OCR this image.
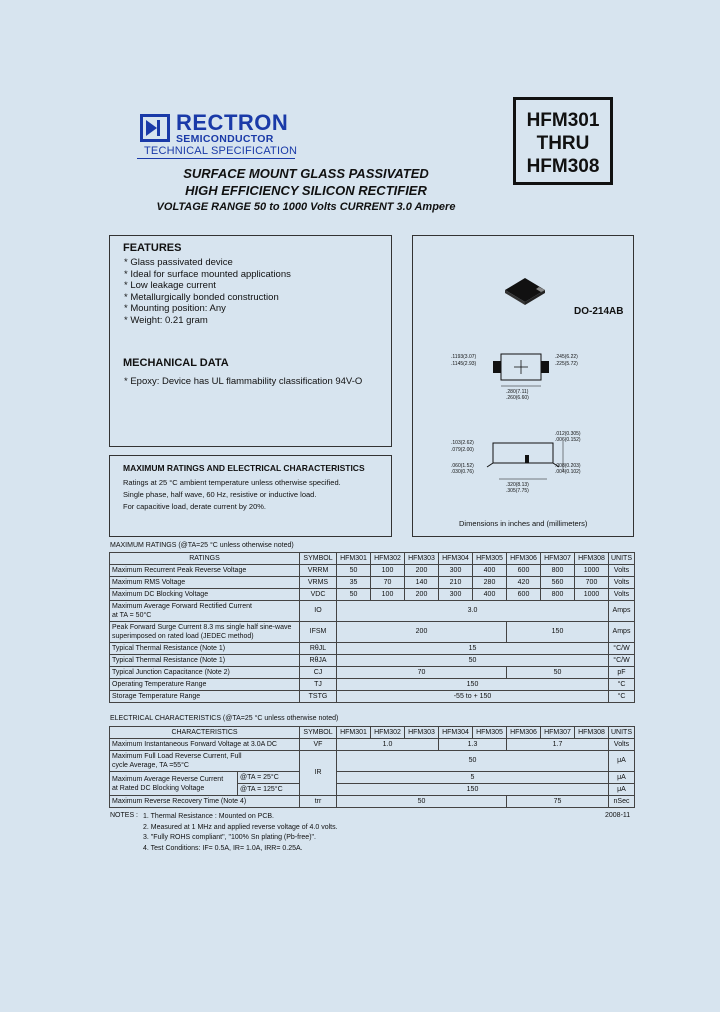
RECTRON
SEMICONDUCTOR
TECHNICAL SPECIFICATION
HFM301
THRU
HFM308
SURFACE MOUNT GLASS PASSIVATED
HIGH EFFICIENCY SILICON RECTIFIER
VOLTAGE RANGE 50 to 1000 Volts CURRENT 3.0 Ampere
FEATURES
* Glass passivated device
* Ideal for surface mounted applications
* Low leakage current
* Metallurgically bonded construction
* Mounting position: Any
* Weight: 0.21 gram
MECHANICAL DATA
* Epoxy: Device has UL flammability classification 94V-O
DO-214AB
.1193(3.07)
.1145(2.93)
.245(6.22)
.225(5.72)
.280(7.11)
.260(6.60)
.103(2.62)
.079(2.00)
.012(0.305)
.006(0.152)
.060(1.52)
.030(0.76)
.008(0.203)
.004(0.102)
.320(8.13)
.305(7.75)
Dimensions in inches and (millimeters)
MAXIMUM RATINGS AND ELECTRICAL CHARACTERISTICS
Ratings at 25 °C ambient temperature unless otherwise specified.
Single phase, half wave, 60 Hz, resistive or inductive load.
For capacitive load, derate current by 20%.
MAXIMUM RATINGS (@TA=25 °C unless otherwise noted)
RATINGS	SYMBOL	HFM301	HFM302	HFM303	HFM304	HFM305	HFM306	HFM307	HFM308	UNITS
Maximum Recurrent Peak Reverse Voltage	VRRM	50	100	200	300	400	600	800	1000	Volts
Maximum RMS Voltage	VRMS	35	70	140	210	280	420	560	700	Volts
Maximum DC Blocking Voltage	VDC	50	100	200	300	400	600	800	1000	Volts

Maximum Average Forward Rectified Current
at TA = 50°C	IO	3.0								Amps

Peak Forward Surge Current 8.3 ms single half sine-wave
superimposed on rated load (JEDEC method)	IFSM	200					150			Amps
Typical Thermal Resistance (Note 1)	RθJL	15								°C/W
Typical Thermal Resistance (Note 1)	RθJA	50								°C/W
Typical Junction Capacitance (Note 2)	CJ	70					50			pF
Operating Temperature Range	TJ	150								°C
Storage Temperature Range	TSTG	-55 to + 150								°C
ELECTRICAL CHARACTERISTICS (@TA=25 °C unless otherwise noted)
CHARACTERISTICS		SYMBOL	HFM301	HFM302	HFM303	HFM304	HFM305	HFM306	HFM307	HFM308	UNITS
Maximum Instantaneous Forward Voltage at 3.0A DC		VF	1.0			1.3		1.7			Volts

Maximum Full Load Reverse Current, Full
cycle Average, TA =55°C		IR	50								μA

Maximum Average Reverse Current
at Rated DC Blocking Voltage	@TA = 25°C		5								μA
	@TA = 125°C		150								μA
Maximum Reverse Recovery Time (Note 4)		trr	50					75			nSec
NOTES : 1. Thermal Resistance : Mounted on PCB.
2. Measured at 1 MHz and applied reverse voltage of 4.0 volts.
3. "Fully ROHS compliant", "100% Sn plating (Pb-free)".
4. Test Conditions: IF= 0.5A, IR= 1.0A, IRR= 0.25A.
2008-11
